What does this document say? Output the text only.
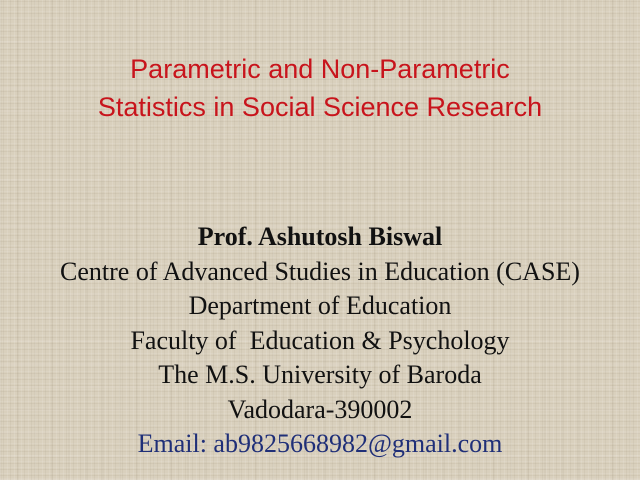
Parametric and Non-Parametric
Statistics in Social Science Research
Prof. Ashutosh Biswal
Centre of Advanced Studies in Education (CASE)
Department of Education
Faculty of  Education & Psychology
The M.S. University of Baroda
Vadodara-390002
Email: ab9825668982@gmail.com
